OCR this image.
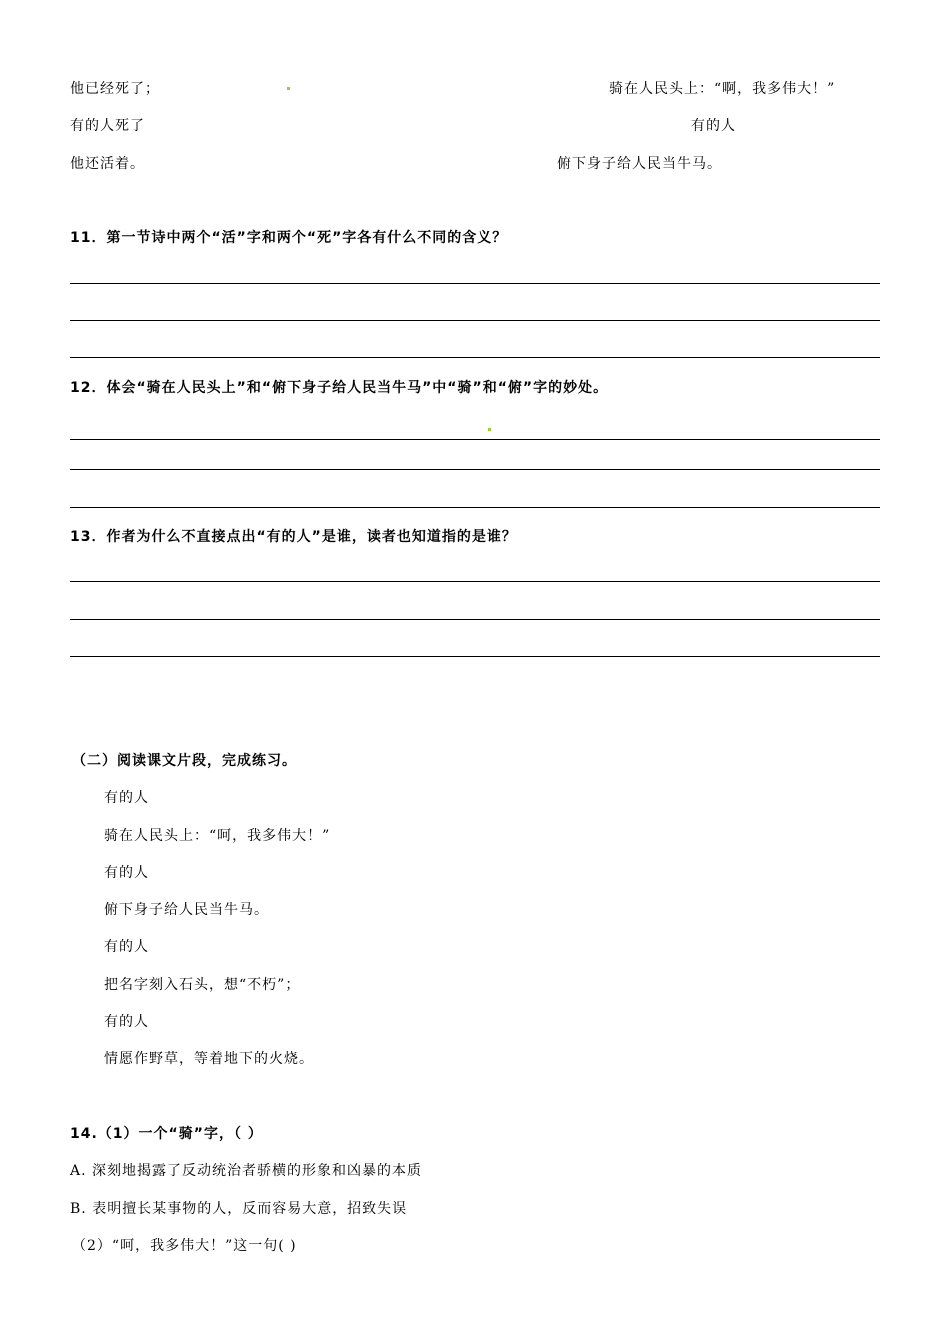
他已经死了；
有的人死了
他还活着。
骑在人民头上：“啊，我多伟大！”
有的人
俯下身子给人民当牛马。
11．第一节诗中两个“活”字和两个“死”字各有什么不同的含义？
12．体会“骑在人民头上”和“俯下身子给人民当牛马”中“骑”和“俯”字的妙处。
13．作者为什么不直接点出“有的人”是谁，读者也知道指的是谁？
（二）阅读课文片段，完成练习。
有的人
骑在人民头上：“呵，我多伟大！”
有的人
俯下身子给人民当牛马。
有的人
把名字刻入石头，想“不朽”；
有的人
情愿作野草，等着地下的火烧。
14.（1）一个“骑”字，（ ）
A. 深刻地揭露了反动统治者骄横的形象和凶暴的本质
B. 表明擅长某事物的人，反而容易大意，招致失误
（2）“呵，我多伟大！”这一句( )
